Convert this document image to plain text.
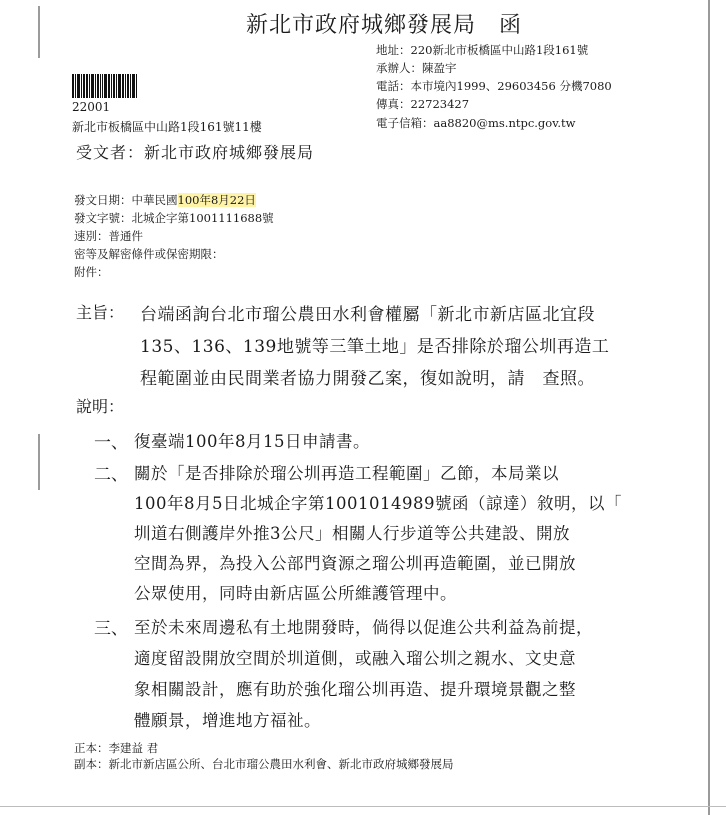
新北市政府城鄉發展局　函
地址：220新北市板橋區中山路1段161號
承辦人：陳盈宇
電話：本市境內1999、29603456 分機7080
傳真：22723427
電子信箱：aa8820@ms.ntpc.gov.tw
22001
新北市板橋區中山路1段161號11樓
受文者：新北市政府城鄉發展局
發文日期：中華民國100年8月22日
發文字號：北城企字第1001111688號
速別：普通件
密等及解密條件或保密期限：
附件：
主旨： 台端函詢台北市瑠公農田水利會權屬「新北市新店區北宜段
135、136、139地號等三筆土地」是否排除於瑠公圳再造工
程範圍並由民間業者協力開發乙案，復如說明，請　查照。
說明：
一、 復臺端100年8月15日申請書。
二、 關於「是否排除於瑠公圳再造工程範圍」乙節，本局業以
100年8月5日北城企字第1001014989號函（諒達）敘明，以「
圳道右側護岸外推3公尺」相關人行步道等公共建設、開放
空間為界，為投入公部門資源之瑠公圳再造範圍，並已開放
公眾使用，同時由新店區公所維護管理中。
三、 至於未來周邊私有土地開發時，倘得以促進公共利益為前提，
適度留設開放空間於圳道側，或融入瑠公圳之親水、文史意
象相關設計，應有助於強化瑠公圳再造、提升環境景觀之整
體願景，增進地方福祉。
正本：李建益 君
副本：新北市新店區公所、台北市瑠公農田水利會、新北市政府城鄉發展局
